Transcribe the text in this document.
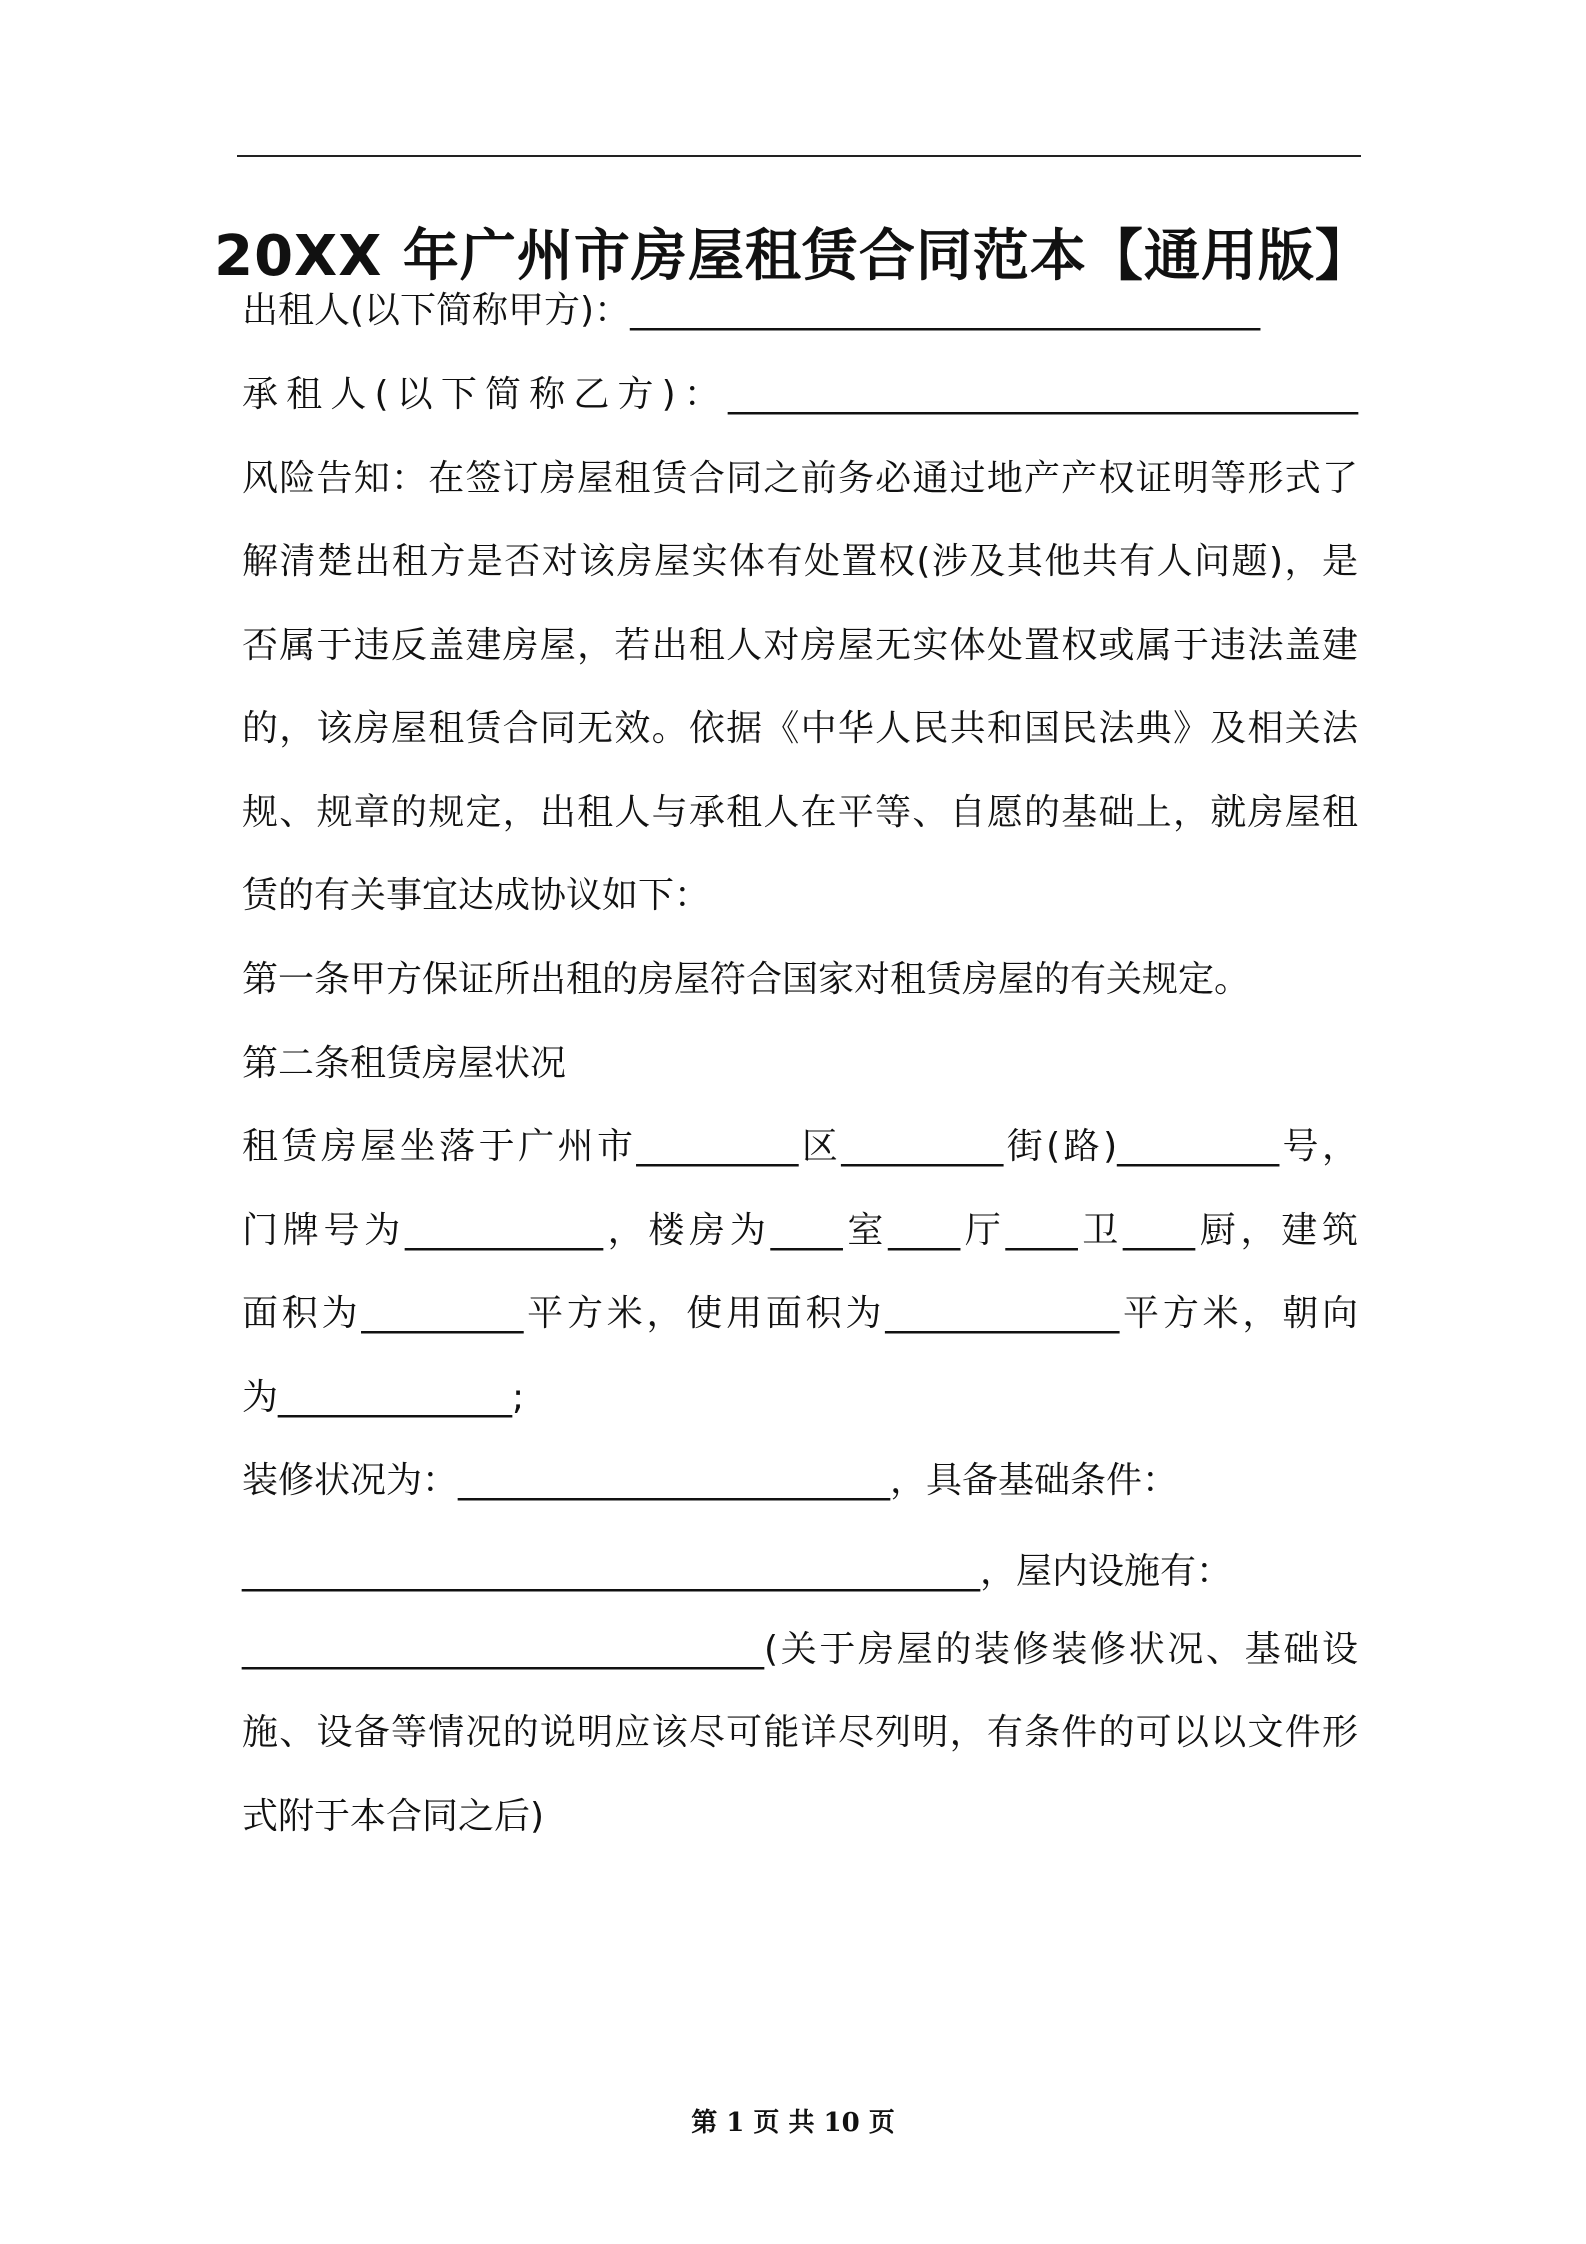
20XX 年广州市房屋租赁合同范本【通用版】
出租人(以下简称甲方)：___________________________________
承租人(以下简称乙方)：___________________________________
风险告知：在签订房屋租赁合同之前务必通过地产产权证明等形式了
解清楚出租方是否对该房屋实体有处置权(涉及其他共有人问题)，是
否属于违反盖建房屋，若出租人对房屋无实体处置权或属于违法盖建
的，该房屋租赁合同无效。依据《中华人民共和国民法典》及相关法
规、规章的规定，出租人与承租人在平等、自愿的基础上，就房屋租
赁的有关事宜达成协议如下：
第一条甲方保证所出租的房屋符合国家对租赁房屋的有关规定。
第二条租赁房屋状况
租赁房屋坐落于广州市_________区_________街(路)_________号，
门牌号为___________，楼房为____室____厅____卫____厨，建筑
面积为_________平方米，使用面积为_____________平方米，朝向
为_____________;
装修状况为：________________________，具备基础条件：
_________________________________________，屋内设施有：
_____________________________(关于房屋的装修装修状况、基础设
施、设备等情况的说明应该尽可能详尽列明，有条件的可以以文件形
式附于本合同之后)
第 1 页 共 10 页
